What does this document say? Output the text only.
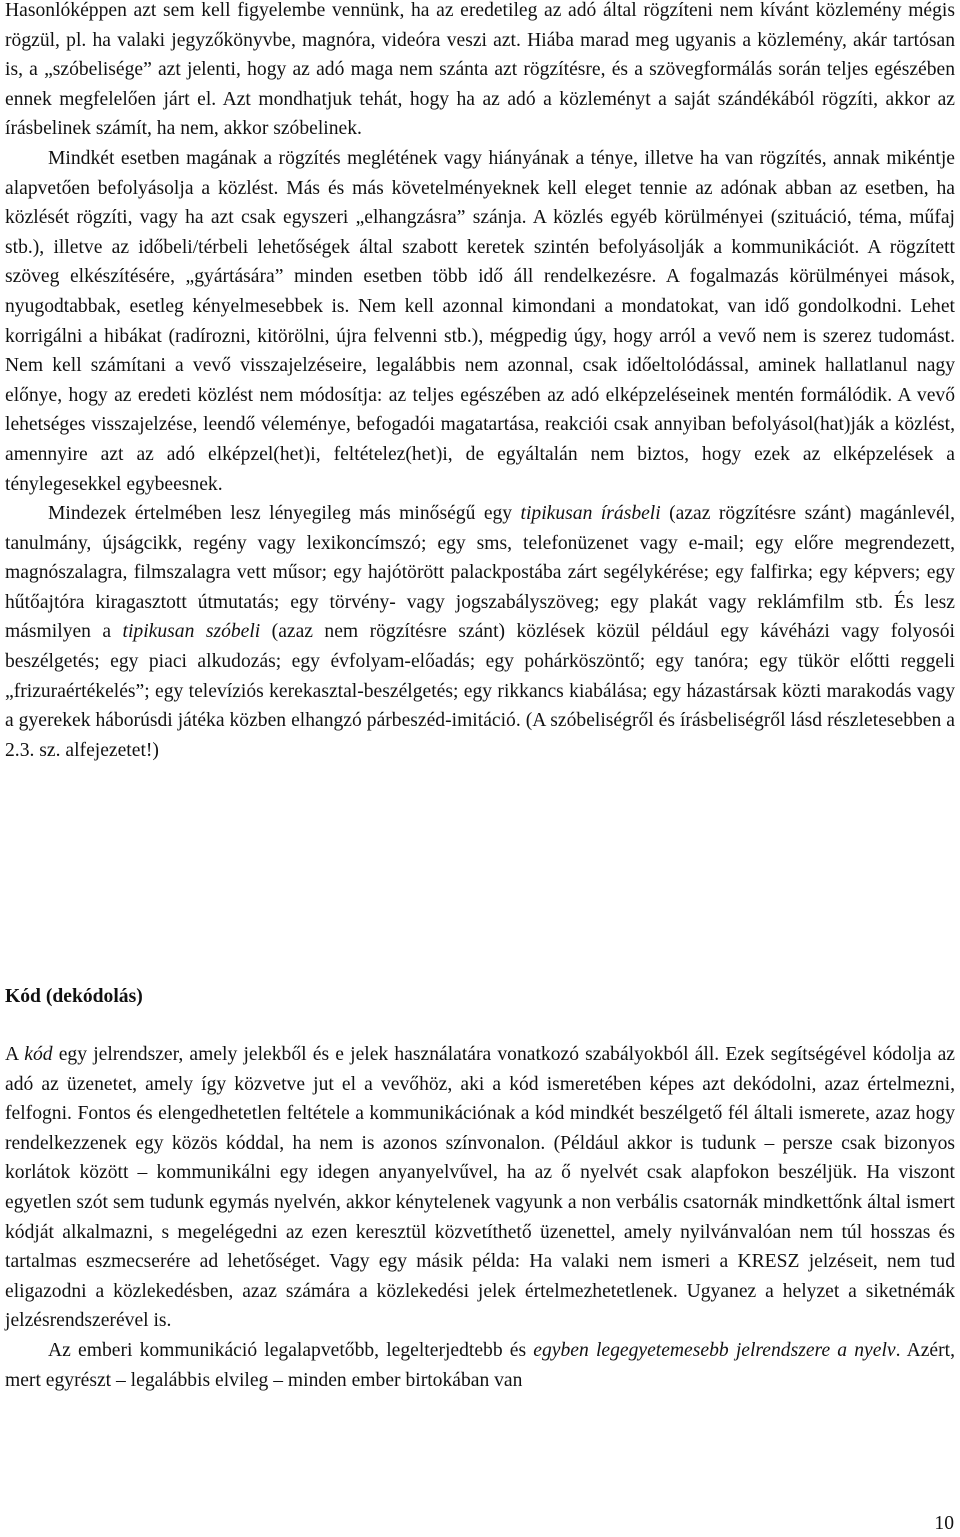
Hasonlóképpen azt sem kell figyelembe vennünk, ha az eredetileg az adó által rögzíteni nem kívánt közlemény mégis rögzül, pl. ha valaki jegyzőkönyvbe, magnóra, videóra veszi azt. Hiába marad meg ugyanis a közlemény, akár tartósan is, a „szóbelisége” azt jelenti, hogy az adó maga nem szánta azt rögzítésre, és a szövegformálás során teljes egészében ennek megfelelően járt el. Azt mondhatjuk tehát, hogy ha az adó a közleményt a saját szándékából rögzíti, akkor az írásbelinek számít, ha nem, akkor szóbelinek.

Mindkét esetben magának a rögzítés meglétének vagy hiányának a ténye, illetve ha van rögzítés, annak mikéntje alapvetően befolyásolja a közlést. Más és más követelményeknek kell eleget tennie az adónak abban az esetben, ha közlését rögzíti, vagy ha azt csak egyszeri „elhangzásra” szánja. A közlés egyéb körülményei (szituáció, téma, műfaj stb.), illetve az időbeli/térbeli lehetőségek által szabott keretek szintén befolyásolják a kommunikációt. A rögzített szöveg elkészítésére, „gyártására” minden esetben több idő áll rendelkezésre. A fogalmazás körülményei mások, nyugodtabbak, esetleg kényelmesebbek is. Nem kell azonnal kimondani a mondatokat, van idő gondolkodni. Lehet korrigálni a hibákat (radírozni, kitörölni, újra felvenni stb.), mégpedig úgy, hogy arról a vevő nem is szerez tudomást. Nem kell számítani a vevő visszajelzéseire, legalábbis nem azonnal, csak időeltolódással, aminek hallatlanul nagy előnye, hogy az eredeti közlést nem módosítja: az teljes egészében az adó elképzeléseinek mentén formálódik. A vevő lehetséges visszajelzése, leendő véleménye, befogadói magatartása, reakciói csak annyiban befolyásol(hat)ják a közlést, amennyire azt az adó elképzel(het)i, feltételez(het)i, de egyáltalán nem biztos, hogy ezek az elképzelések a ténylegesekkel egybeesnek.

Mindezek értelmében lesz lényegileg más minőségű egy tipikusan írásbeli (azaz rögzítésre szánt) magánlevél, tanulmány, újságcikk, regény vagy lexikoncímszó; egy sms, telefonüzenet vagy e-mail; egy előre megrendezett, magnószalagra, filmszalagra vett műsor; egy hajótörött palackpostába zárt segélykérése; egy falfirka; egy képvers; egy hűtőajtóra kiragasztott útmutatás; egy törvény- vagy jogszabályszöveg; egy plakát vagy reklámfilm stb. És lesz másmilyen a tipikusan szóbeli (azaz nem rögzítésre szánt) közlések közül például egy kávéházi vagy folyosói beszélgetés; egy piaci alkudozás; egy évfolyam-előadás; egy pohárköszöntő; egy tanóra; egy tükör előtti reggeli „frizuraértékelés”; egy televíziós kerekasztal-beszélgetés; egy rikkancs kiabálása; egy házastársak közti marakodás vagy a gyerekek háborúsdi játéka közben elhangzó párbeszéd-imitáció. (A szóbeliségről és írásbeliségről lásd részletesebben a 2.3. sz. alfejezetet!)

Kód (dekódolás)

A kód egy jelrendszer, amely jelekből és e jelek használatára vonatkozó szabályokból áll. Ezek segítségével kódolja az adó az üzenetet, amely így közvetve jut el a vevőhöz, aki a kód ismeretében képes azt dekódolni, azaz értelmezni, felfogni. Fontos és elengedhetetlen feltétele a kommunikációnak a kód mindkét beszélgető fél általi ismerete, azaz hogy rendelkezzenek egy közös kóddal, ha nem is azonos színvonalon. (Például akkor is tudunk – persze csak bizonyos korlátok között – kommunikálni egy idegen anyanyelvűvel, ha az ő nyelvét csak alapfokon beszéljük. Ha viszont egyetlen szót sem tudunk egymás nyelvén, akkor kénytelenek vagyunk a non verbális csatornák mindkettőnk által ismert kódját alkalmazni, s megelégedni az ezen keresztül közvetíthető üzenettel, amely nyilvánvalóan nem túl hosszas és tartalmas eszmecserére ad lehetőséget. Vagy egy másik példa: Ha valaki nem ismeri a KRESZ jelzéseit, nem tud eligazodni a közlekedésben, azaz számára a közlekedési jelek értelmezhetetlenek. Ugyanez a helyzet a siketnémák jelzésrendszerével is.

Az emberi kommunikáció legalapvetőbb, legelterjedtebb és egyben legegyetemesebb jelrendszere a nyelv. Azért, mert egyrészt – legalábbis elvileg – minden ember birtokában van

10
